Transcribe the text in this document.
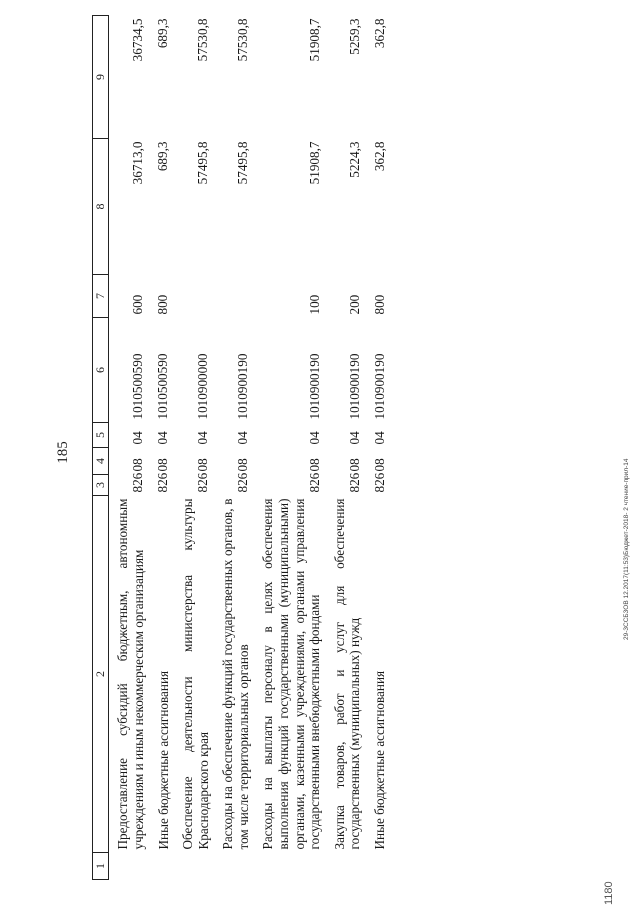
185
1	2	3	4	5	6	7	8	9
	Предоставление субсидий бюджетным, автономным учреждениям и иным некоммерческим организациям	826	08	04	1010500590	600	36713,0	36734,5
	Иные бюджетные ассигнования	826	08	04	1010500590	800	689,3	689,3
	Обеспечение деятельности министерства культуры Краснодарского края	826	08	04	1010900000		57495,8	57530,8
	Расходы на обеспечение функций государственных органов, в том числе территориальных органов	826	08	04	1010900190		57495,8	57530,8
	Расходы на выплаты персоналу в целях обеспечения выполнения функций государственными (муниципальными) органами, казенными учреждениями, органами управления государственными внебюджетными фондами	826	08	04	1010900190	100	51908,7	51908,7
	Закупка товаров, работ и услуг для обеспечения государственных (муниципальных) нужд	826	08	04	1010900190	200	5224,3	5259,3
	Иные бюджетные ассигнования	826	08	04	1010900190	800	362,8	362,8
29-3ССБ3ОВ 12.2017(11:53)Бюджет-2018- 2 чтение-прил-14
1180
